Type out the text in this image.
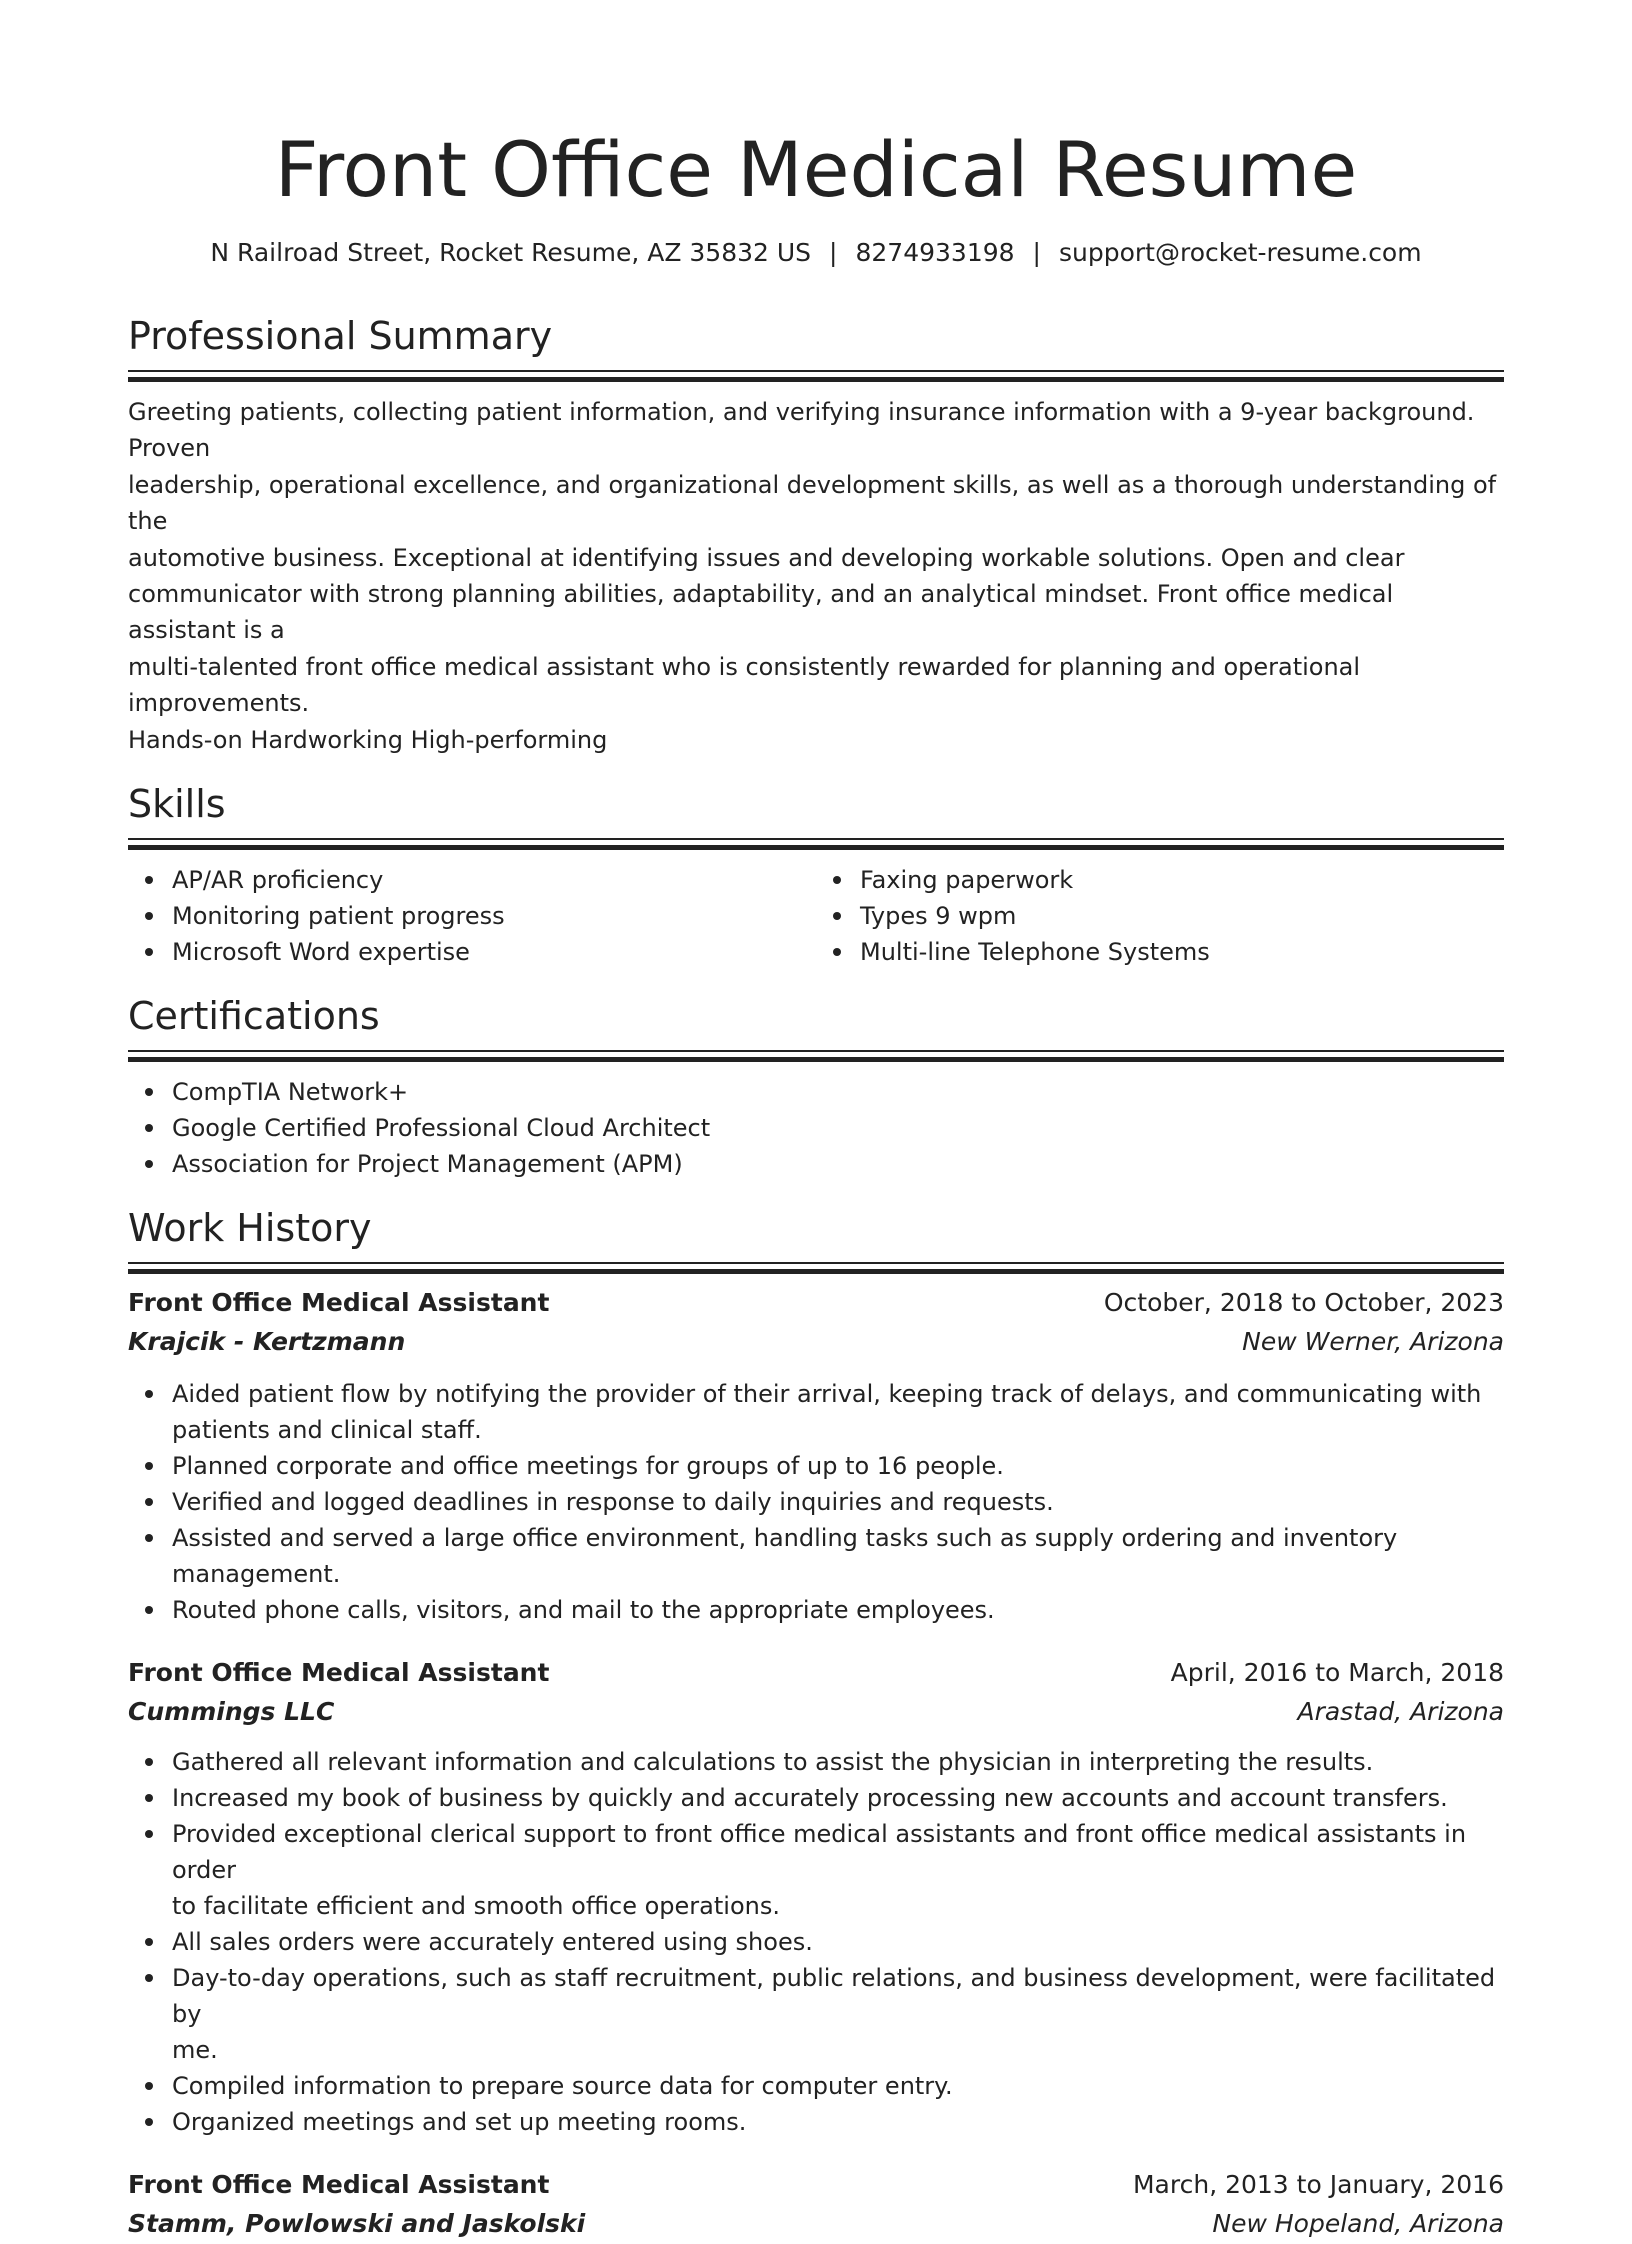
Front Office Medical Resume
N Railroad Street, Rocket Resume, AZ 35832 US | 8274933198 | support@rocket-resume.com
Professional Summary
Greeting patients, collecting patient information, and verifying insurance information with a 9-year background. Proven
leadership, operational excellence, and organizational development skills, as well as a thorough understanding of the
automotive business. Exceptional at identifying issues and developing workable solutions. Open and clear
communicator with strong planning abilities, adaptability, and an analytical mindset. Front office medical assistant is a
multi-talented front office medical assistant who is consistently rewarded for planning and operational improvements.
Hands-on Hardworking High-performing
Skills
AP/AR proficiency
Monitoring patient progress
Microsoft Word expertise
Faxing paperwork
Types 9 wpm
Multi-line Telephone Systems
Certifications
CompTIA Network+
Google Certified Professional Cloud Architect
Association for Project Management (APM)
Work History
Front Office Medical Assistant	October, 2018 to October, 2023
Krajcik - Kertzmann	New Werner, Arizona
Aided patient flow by notifying the provider of their arrival, keeping track of delays, and communicating with
patients and clinical staff.
Planned corporate and office meetings for groups of up to 16 people.
Verified and logged deadlines in response to daily inquiries and requests.
Assisted and served a large office environment, handling tasks such as supply ordering and inventory
management.
Routed phone calls, visitors, and mail to the appropriate employees.
Front Office Medical Assistant	April, 2016 to March, 2018
Cummings LLC	Arastad, Arizona
Gathered all relevant information and calculations to assist the physician in interpreting the results.
Increased my book of business by quickly and accurately processing new accounts and account transfers.
Provided exceptional clerical support to front office medical assistants and front office medical assistants in order
to facilitate efficient and smooth office operations.
All sales orders were accurately entered using shoes.
Day-to-day operations, such as staff recruitment, public relations, and business development, were facilitated by
me.
Compiled information to prepare source data for computer entry.
Organized meetings and set up meeting rooms.
Front Office Medical Assistant	March, 2013 to January, 2016
Stamm, Powlowski and Jaskolski	New Hopeland, Arizona
